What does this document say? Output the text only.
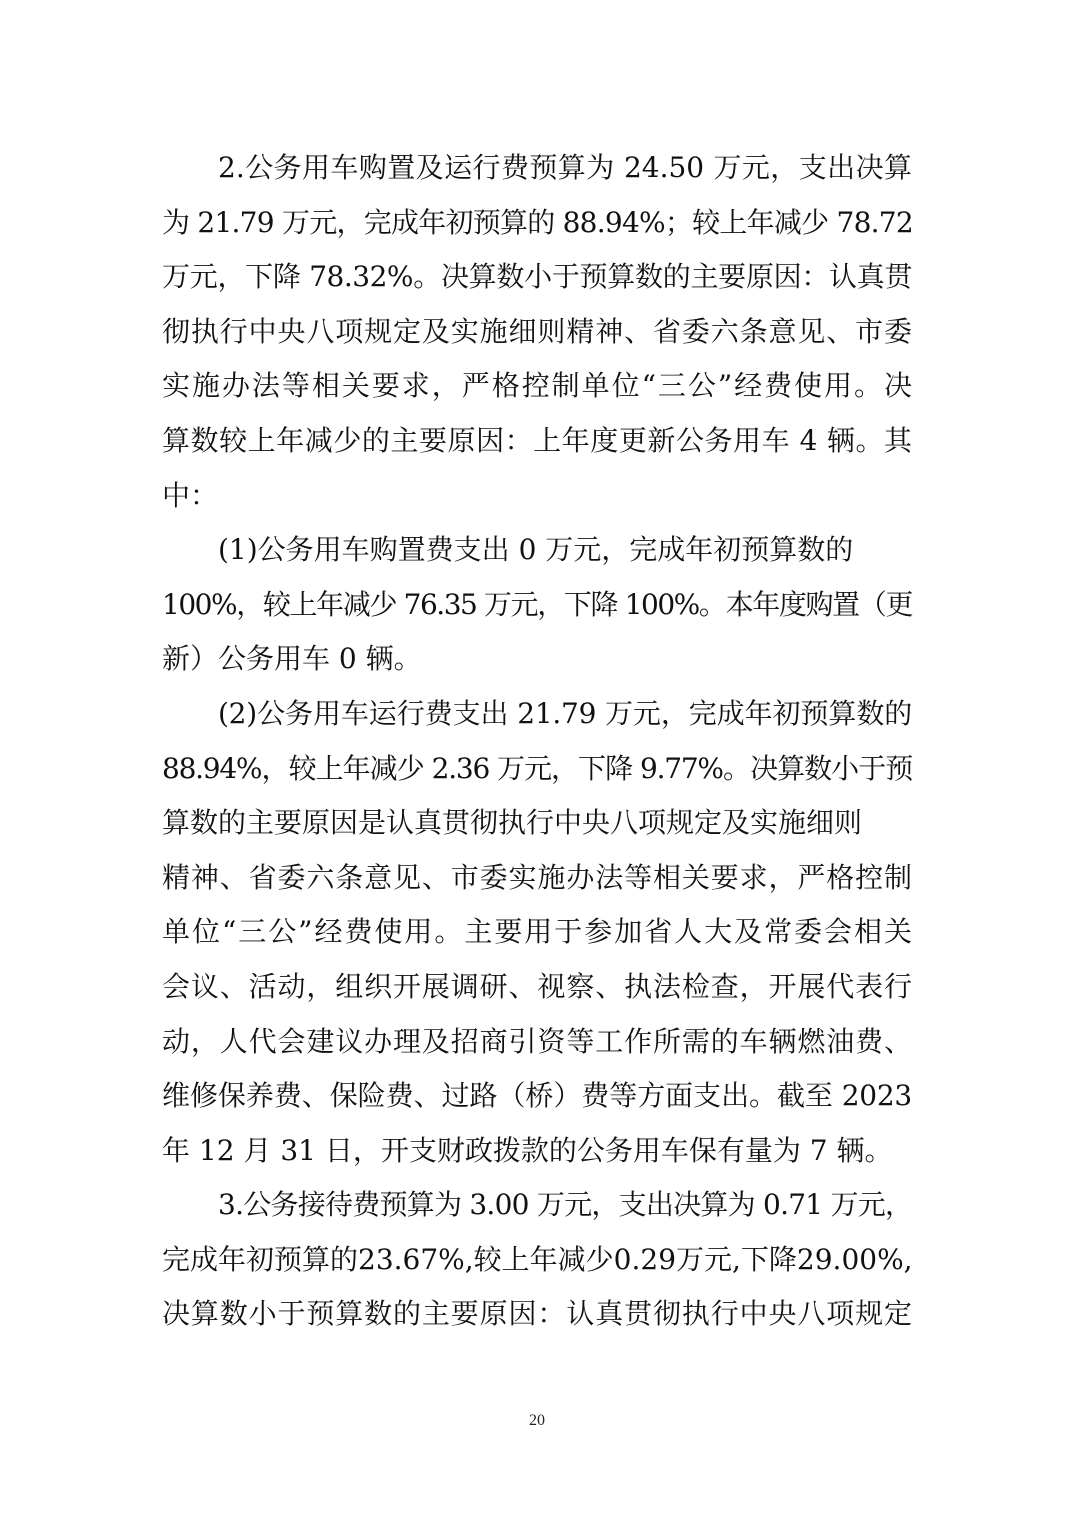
2.公务用车购置及运行费预算为 24.50 万元，支出决算
为 21.79 万元，完成年初预算的 88.94%；较上年减少 78.72
万元，下降 78.32%。决算数小于预算数的主要原因：认真贯
彻执行中央八项规定及实施细则精神、省委六条意见、市委
实施办法等相关要求，严格控制单位“三公”经费使用。决
算数较上年减少的主要原因：上年度更新公务用车 4 辆。其
中：
(1)公务用车购置费支出 0 万元，完成年初预算数的
100%，较上年减少 76.35 万元，下降 100%。本年度购置（更
新）公务用车 0 辆。
(2)公务用车运行费支出 21.79 万元，完成年初预算数的
88.94%，较上年减少 2.36 万元，下降 9.77%。决算数小于预
算数的主要原因是认真贯彻执行中央八项规定及实施细则
精神、省委六条意见、市委实施办法等相关要求，严格控制
单位“三公”经费使用。主要用于参加省人大及常委会相关
会议、活动，组织开展调研、视察、执法检查，开展代表行
动，人代会建议办理及招商引资等工作所需的车辆燃油费、
维修保养费、保险费、过路（桥）费等方面支出。截至 2023
年 12 月 31 日，开支财政拨款的公务用车保有量为 7 辆。
3.公务接待费预算为 3.00 万元，支出决算为 0.71 万元，
完成年初预算的23.67%,较上年减少0.29万元,下降29.00%,
决算数小于预算数的主要原因：认真贯彻执行中央八项规定
20
